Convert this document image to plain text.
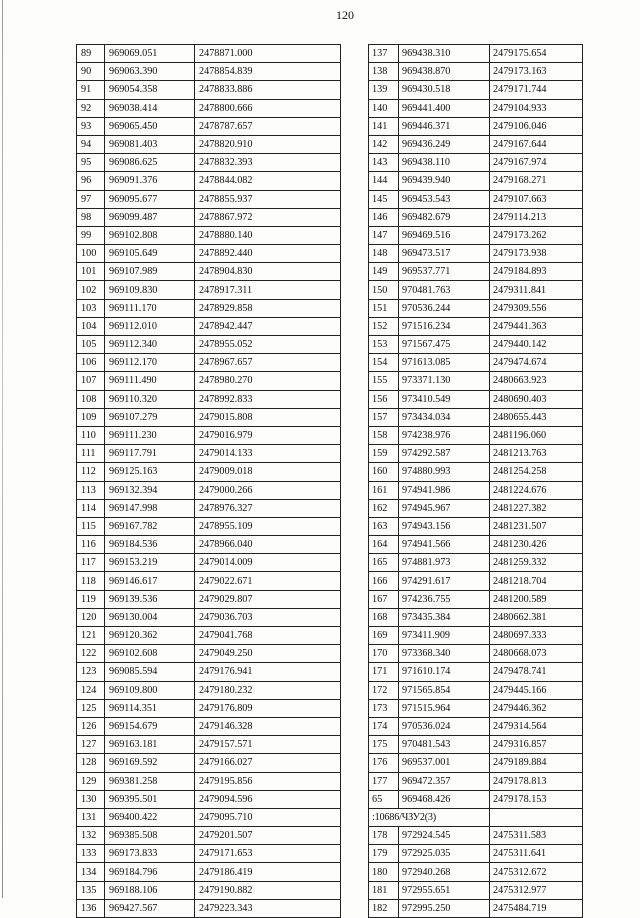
120
89	969069.051	2478871.000
90	969063.390	2478854.839
91	969054.358	2478833.886
92	969038.414	2478800.666
93	969065.450	2478787.657
94	969081.403	2478820.910
95	969086.625	2478832.393
96	969091.376	2478844.082
97	969095.677	2478855.937
98	969099.487	2478867.972
99	969102.808	2478880.140
100	969105.649	2478892.440
101	969107.989	2478904.830
102	969109.830	2478917.311
103	969111.170	2478929.858
104	969112.010	2478942.447
105	969112.340	2478955.052
106	969112.170	2478967.657
107	969111.490	2478980.270
108	969110.320	2478992.833
109	969107.279	2479015.808
110	969111.230	2479016.979
111	969117.791	2479014.133
112	969125.163	2479009.018
113	969132.394	2479000.266
114	969147.998	2478976.327
115	969167.782	2478955.109
116	969184.536	2478966.040
117	969153.219	2479014.009
118	969146.617	2479022.671
119	969139.536	2479029.807
120	969130.004	2479036.703
121	969120.362	2479041.768
122	969102.608	2479049.250
123	969085.594	2479176.941
124	969109.800	2479180.232
125	969114.351	2479176.809
126	969154.679	2479146.328
127	969163.181	2479157.571
128	969169.592	2479166.027
129	969381.258	2479195.856
130	969395.501	2479094.596
131	969400.422	2479095.710
132	969385.508	2479201.507
133	969173.833	2479171.653
134	969184.796	2479186.419
135	969188.106	2479190.882
136	969427.567	2479223.343
137	969438.310	2479175.654
138	969438.870	2479173.163
139	969430.518	2479171.744
140	969441.400	2479104.933
141	969446.371	2479106.046
142	969436.249	2479167.644
143	969438.110	2479167.974
144	969439.940	2479168.271
145	969453.543	2479107.663
146	969482.679	2479114.213
147	969469.516	2479173.262
148	969473.517	2479173.938
149	969537.771	2479184.893
150	970481.763	2479311.841
151	970536.244	2479309.556
152	971516.234	2479441.363
153	971567.475	2479440.142
154	971613.085	2479474.674
155	973371.130	2480663.923
156	973410.549	2480690.403
157	973434.034	2480655.443
158	974238.976	2481196.060
159	974292.587	2481213.763
160	974880.993	2481254.258
161	974941.986	2481224.676
162	974945.967	2481227.382
163	974943.156	2481231.507
164	974941.566	2481230.426
165	974881.973	2481259.332
166	974291.617	2481218.704
167	974236.755	2481200.589
168	973435.384	2480662.381
169	973411.909	2480697.333
170	973368.340	2480668.073
171	971610.174	2479478.741
172	971565.854	2479445.166
173	971515.964	2479446.362
174	970536.024	2479314.564
175	970481.543	2479316.857
176	969537.001	2479189.884
177	969472.357	2479178.813
65	969468.426	2479178.153
:10686/ЧЗУ2(3)		
178	972924.545	2475311.583
179	972925.035	2475311.641
180	972940.268	2475312.672
181	972955.651	2475312.977
182	972995.250	2475484.719
